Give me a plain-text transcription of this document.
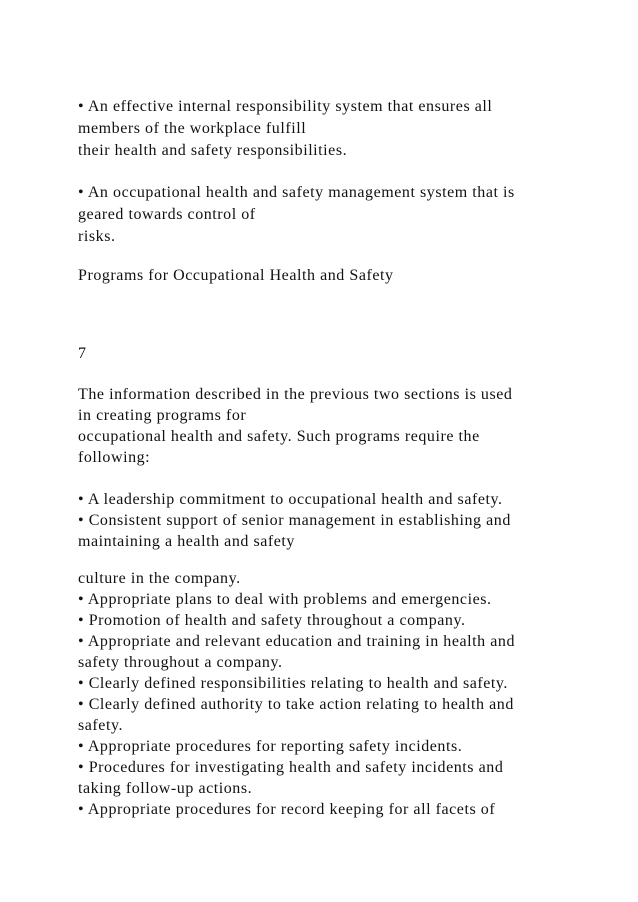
• An effective internal responsibility system that ensures all

members of the workplace fulfill

their health and safety responsibilities.

• An occupational health and safety management system that is

geared towards control of

risks.

Programs for Occupational Health and Safety

7

The information described in the previous two sections is used

in creating programs for

occupational health and safety. Such programs require the

following:

• A leadership commitment to occupational health and safety.

• Consistent support of senior management in establishing and

maintaining a health and safety

culture in the company.

• Appropriate plans to deal with problems and emergencies.

• Promotion of health and safety throughout a company.

• Appropriate and relevant education and training in health and

safety throughout a company.

• Clearly defined responsibilities relating to health and safety.

• Clearly defined authority to take action relating to health and

safety.

• Appropriate procedures for reporting safety incidents.

• Procedures for investigating health and safety incidents and

taking follow-up actions.

• Appropriate procedures for record keeping for all facets of
